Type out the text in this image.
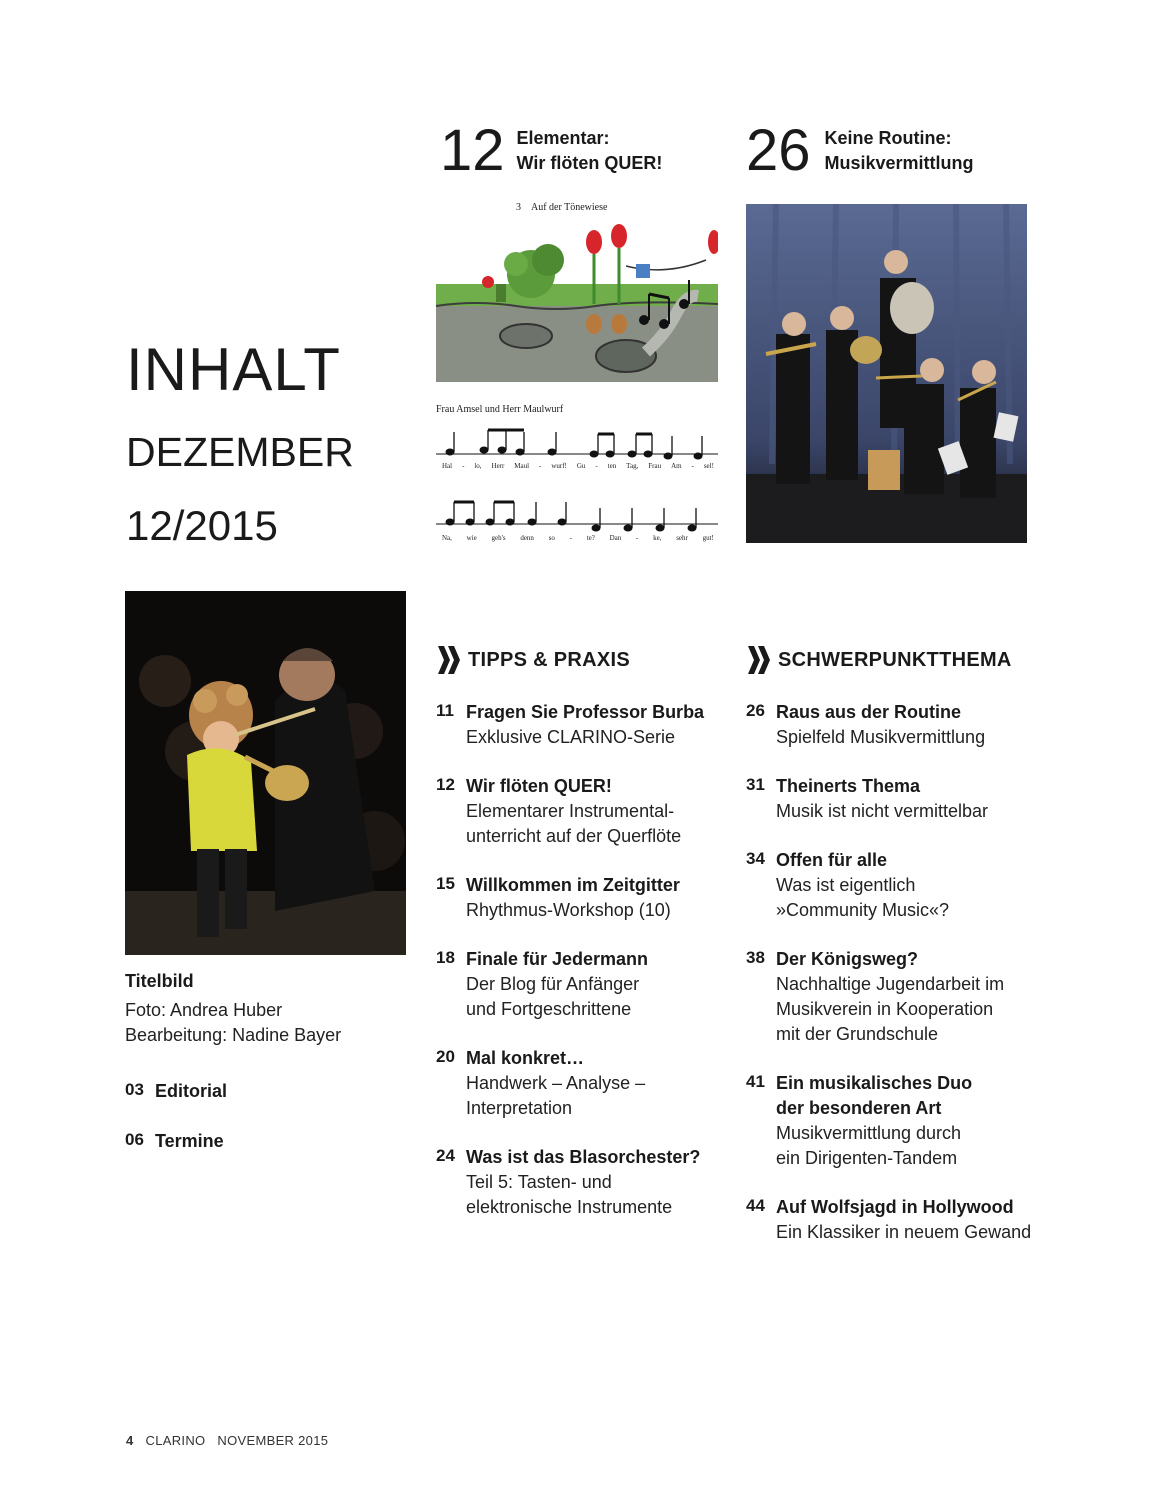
INHALT
DEZEMBER
12/2015
12 Elementar:
Wir flöten QUER! 26 Keine Routine:
Musikvermittlung
3 Auf der Tönewiese
Frau Amsel und Herr Maulwurf
Hal - lo, Herr Maul - wurf! Gu - ten Tag, Frau Am - sel!
Na, wie geh's denn so - te? Dan - ke, sehr gut!
Titelbild
Foto: Andrea Huber
Bearbeitung: Nadine Bayer
03 Editorial
06 Termine
TIPPS & PRAXIS
11 Fragen Sie Professor Burba
Exklusive CLARINO-Serie
12 Wir flöten QUER!
Elementarer Instrumental-
unterricht auf der Querflöte
15 Willkommen im Zeitgitter
Rhythmus-Workshop (10)
18 Finale für Jedermann
Der Blog für Anfänger
und Fortgeschrittene
20 Mal konkret…
Handwerk – Analyse –
Interpretation
24 Was ist das Blasorchester?
Teil 5: Tasten- und
elektronische Instrumente
SCHWERPUNKTTHEMA
26 Raus aus der Routine
Spielfeld Musikvermittlung
31 Theinerts Thema
Musik ist nicht vermittelbar
34 Offen für alle
Was ist eigentlich
»Community Music«?
38 Der Königsweg?
Nachhaltige Jugendarbeit im
Musikverein in Kooperation
mit der Grundschule
41 Ein musikalisches Duo
der besonderen Art
Musikvermittlung durch
ein Dirigenten-Tandem
44 Auf Wolfsjagd in Hollywood
Ein Klassiker in neuem Gewand
4 CLARINO NOVEMBER 2015
